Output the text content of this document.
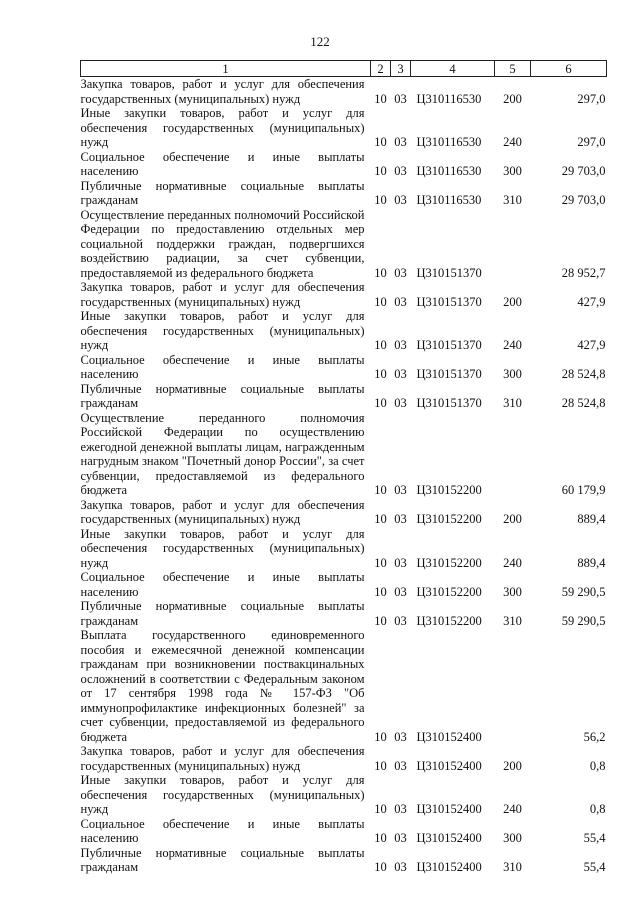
122
1	2	3	4	5	6
Закупка товаров, работ и услуг для обеспечения государственных (муниципальных) нужд	10	03	Ц310116530	200	297,0
Иные закупки товаров, работ и услуг для обеспечения государственных (муниципальных) нужд	10	03	Ц310116530	240	297,0
Социальное обеспечение и иные выплаты населению	10	03	Ц310116530	300	29 703,0
Публичные нормативные социальные выплаты гражданам	10	03	Ц310116530	310	29 703,0
Осуществление переданных полномочий Российской Федерации по предоставлению отдельных мер социальной поддержки граждан, подвергшихся воздействию радиации, за счет субвенции, предоставляемой из федерального бюджета	10	03	Ц310151370		28 952,7
Закупка товаров, работ и услуг для обеспечения государственных (муниципальных) нужд	10	03	Ц310151370	200	427,9
Иные закупки товаров, работ и услуг для обеспечения государственных (муниципальных) нужд	10	03	Ц310151370	240	427,9
Социальное обеспечение и иные выплаты населению	10	03	Ц310151370	300	28 524,8
Публичные нормативные социальные выплаты гражданам	10	03	Ц310151370	310	28 524,8
Осуществление переданного полномочия Российской Федерации по осуществлению ежегодной денежной выплаты лицам, награжденным нагрудным знаком "Почетный донор России", за счет субвенции, предоставляемой из федерального бюджета	10	03	Ц310152200		60 179,9
Закупка товаров, работ и услуг для обеспечения государственных (муниципальных) нужд	10	03	Ц310152200	200	889,4
Иные закупки товаров, работ и услуг для обеспечения государственных (муниципальных) нужд	10	03	Ц310152200	240	889,4
Социальное обеспечение и иные выплаты населению	10	03	Ц310152200	300	59 290,5
Публичные нормативные социальные выплаты гражданам	10	03	Ц310152200	310	59 290,5
Выплата государственного единовременного пособия и ежемесячной денежной компенсации гражданам при возникновении поствакцинальных осложнений в соответствии с Федеральным законом от 17 сентября 1998 года № 157-ФЗ "Об иммунопрофилактике инфекционных болезней" за счет субвенции, предоставляемой из федерального бюджета	10	03	Ц310152400		56,2
Закупка товаров, работ и услуг для обеспечения государственных (муниципальных) нужд	10	03	Ц310152400	200	0,8
Иные закупки товаров, работ и услуг для обеспечения государственных (муниципальных) нужд	10	03	Ц310152400	240	0,8
Социальное обеспечение и иные выплаты населению	10	03	Ц310152400	300	55,4
Публичные нормативные социальные выплаты гражданам	10	03	Ц310152400	310	55,4
